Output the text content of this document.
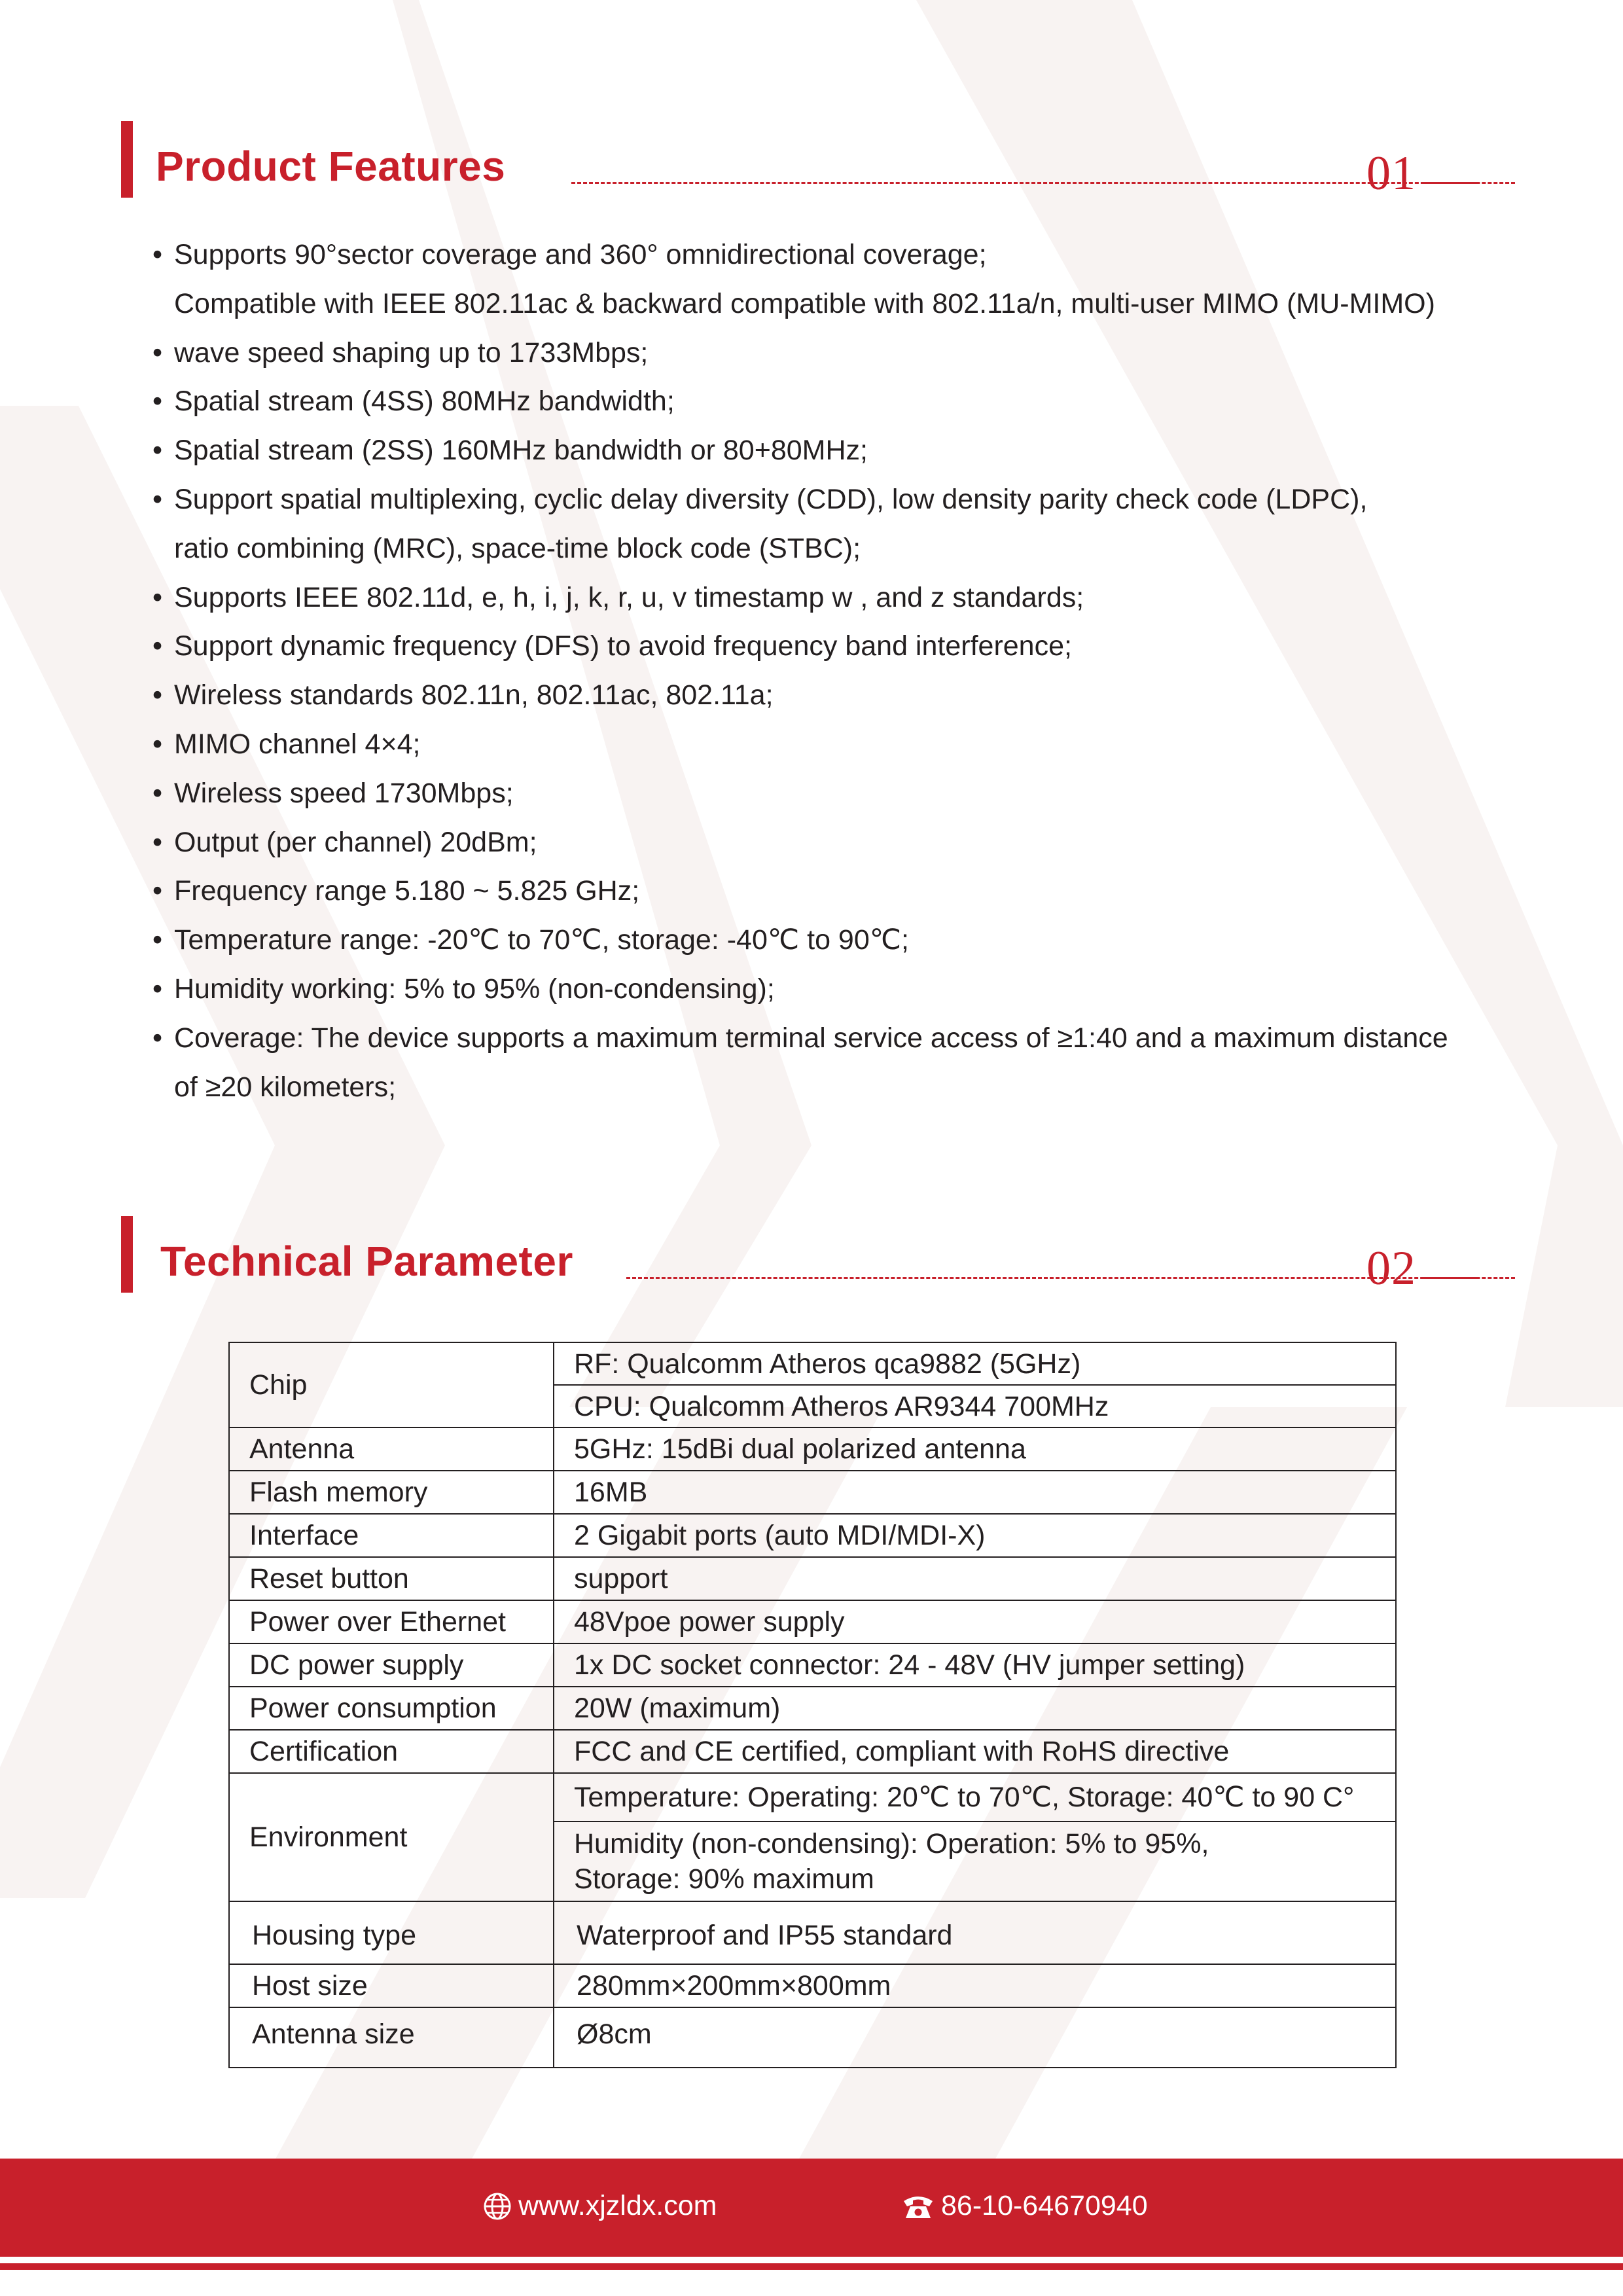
Product Features	01
• Supports 90°sector coverage and 360° omnidirectional coverage;
Compatible with IEEE 802.11ac & backward compatible with 802.11a/n, multi-user MIMO (MU-MIMO)
• wave speed shaping up to 1733Mbps;
• Spatial stream (4SS) 80MHz bandwidth;
• Spatial stream (2SS) 160MHz bandwidth or 80+80MHz;
• Support spatial multiplexing, cyclic delay diversity (CDD), low density parity check code (LDPC),
ratio combining (MRC), space-time block code (STBC);
• Supports IEEE 802.11d, e, h, i, j, k, r, u, v timestamp w , and z standards;
• Support dynamic frequency (DFS) to avoid frequency band interference;
• Wireless standards 802.11n, 802.11ac, 802.11a;
• MIMO channel 4×4;
• Wireless speed 1730Mbps;
• Output (per channel) 20dBm;
• Frequency range 5.180 ~ 5.825 GHz;
• Temperature range: -20℃ to 70℃, storage: -40℃ to 90℃;
• Humidity working: 5% to 95% (non-condensing);
• Coverage: The device supports a maximum terminal service access of ≥1:40 and a maximum distance
of ≥20 kilometers;
Technical Parameter	02
Chip	RF: Qualcomm Atheros qca9882 (5GHz)
	CPU: Qualcomm Atheros AR9344 700MHz
Antenna	5GHz: 15dBi dual polarized antenna
Flash memory	16MB
Interface	2 Gigabit ports (auto MDI/MDI-X)
Reset button	support
Power over Ethernet	48Vpoe power supply
DC power supply	1x DC socket connector: 24 - 48V (HV jumper setting)
Power consumption	20W (maximum)
Certification	FCC and CE certified, compliant with RoHS directive
Environment	Temperature: Operating: 20℃ to 70℃, Storage: 40℃ to 90 C°

	Humidity (non-condensing): Operation: 5% to 95%,
Storage: 90% maximum

Housing type	Waterproof and IP55 standard
Host size	280mm×200mm×800mm
Antenna size	Ø8cm
www.xjzldx.com	86-10-64670940
